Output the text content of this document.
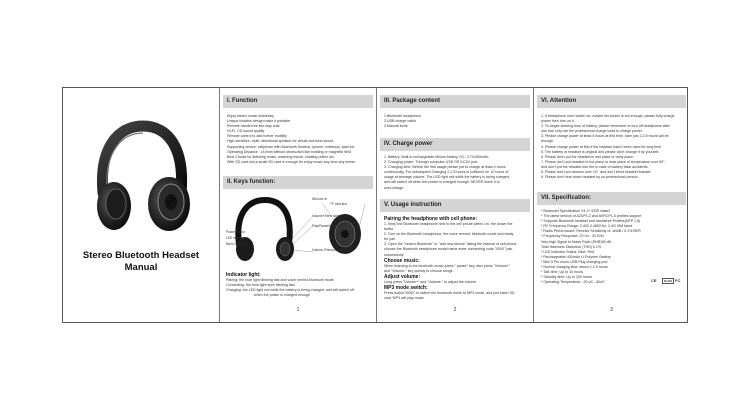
Stereo Bluetooth Headset
Manual
I. Function
Enjoy stereo music wirelessly
Unique foldable design make it portable
Remote hands free two-way chat
HI-FI, CD sound quality
Remote control to add further mobility
High-sensitive, multi- directional speaker for virtual surround sound
Supporting device: cellphone with Bluetooth function, iphone, notebook, ipad etc
Operating Distance : ≥10mm without obstruction like building or magnetic field
Best Choice for listening music, watching movie, chatting online etc
With SD card slot,a small SD card is enough for enjoy music any time any where.
II. Keys function:
Mic/Line in
TF card slot
Volume+/Next song
Play/Pause/Answer
Volume-/Previous song
Power button
LED indicator
Micro USB port
Indicator light:
Pairing: the blue light blinking fast and voice remind bluetooth mode.
Connecting: the blue light slow blinking fast
Charging: the LED light red while the battery is being charged, and will switch off
when the power is charged enough
1
III. Package content
1.Bluetooth headphone
2.USB charge cable
3.Manual book
IV. Charge power
1. Battery: Built-in rechargeable lithium battery, DC: 3.7V/400mAh.
2. Charging power: Through computer USB OR DC5V port.
3. Charging time: Before the first usage please put to charge at least 4 hours
continuously. For subsequent Charging 2-2.5 hours is sufficient for 10 hours of
usage at average volume. The LED light red while the battery is being charged,
and will switch off when the power is charged enough. NEVER leave it to
over-charge.
V. Usage instruction
Pairing the headphone with cell phone:
1. Keep the Bluetooth headphone next to the cell phone within 1m, the closer the
better.
2. Turn on the Bluetooth headphone, the voice remind: bluetooth mode and ready
for pair
3. Open the "search Bluetooth" or "add new device" listing the manual of cell phone,
choose the Bluetooth headphone model name enter connecting code "0000" pair
successfully.
Choose music:
When listening to the bluetooth music,press " pause" key, also press "Volume+"
and "Volume-" key quickly to choose songs.
Adjust volume:
Long press "Volume+" and "Volume-" to adjust the volume
MP3 mode switch:
Press button"MOD" to switch the bluetooth mode to MP3 mode, and just insert SD
card 'MP3 will play music
2
VI. Attention
1. If headphone can't switch on, maybe the power is not enough, please fully charge
power then turn on it.
2. To longer working time of battery, please remember to turn off headphone after
use and only use the professional charge tools to charge power.
3. Please charge power at least 4 hours at first time, later just 2-2.5 hours will be
enough.
4. Please charge power at first if the headset hasn't been used for long time.
5. The battery of headset is original and please don't change it by yourself.
6. Please don't put the headset in wet place or rainy place.
7. Please don't put headset in hot place or near place of temperature over 60°,
and don't put the headset into fire in case of battery blast accidents.
8. Please don't put random over 10°, and don't bend headset bracket.
9. Please don't tear down headset by un-professional person.
VII. Specification:
* Bluetooth Specification V4.1+ EDR class2
* The latest version of A2DP1.2 and AVRCP1.5 profiles support
* Supports Bluetooth headset and handsfree Profiles(HFP 1.6)
* RF Frequency Range: 2.402-2.480GHz, 2.4G ISM band
* Radio Performance: Receive Sensitivity of -84dB / 0.1% BER
* Frequency Response: 20 Hz - 20 KHz
Very high Signal to Noise Ratio (SNR)95 dB,
Total Harmonic Distortion (THD) 0.1%,
* LED Indicator Status: Blue, Red
* Rechargeable 400mAh Li-Polymer Battery
* Mini 5 Pin micro USB Plug charging port
* Normal charging time: about 2-2.5 hours
* Talk time: Up to 10 hours
* Standby time: Up to 200 hours
* Operating Temperature: -20 oC - 60oC	CE	RoHS FC
3
